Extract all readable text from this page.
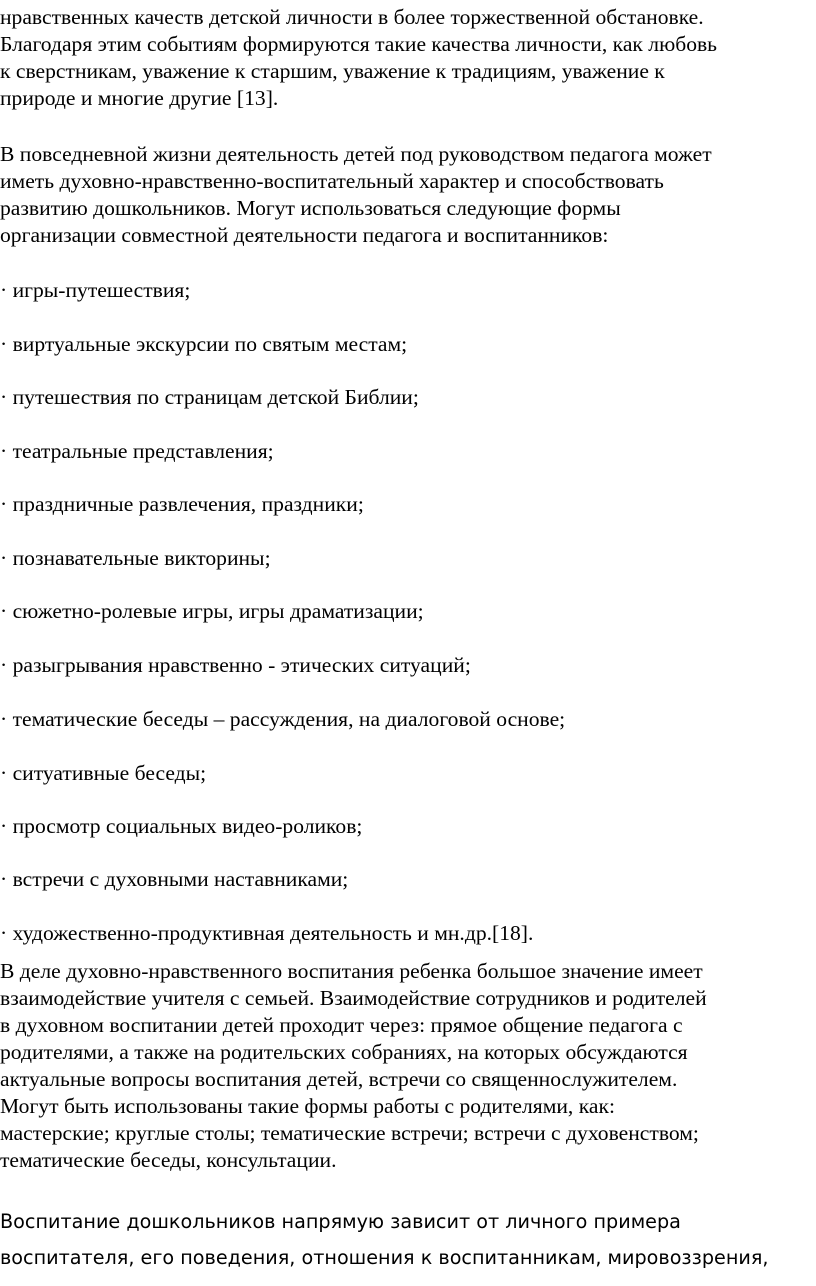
нравственных качеств детской личности в более торжественной обстановке.
Благодаря этим событиям формируются такие качества личности, как любовь
к сверстникам, уважение к старшим, уважение к традициям, уважение к
природе и многие другие [13].
В повседневной жизни деятельность детей под руководством педагога может
иметь духовно-нравственно-воспитательный характер и способствовать
развитию дошкольников. Могут использоваться следующие формы
организации совместной деятельности педагога и воспитанников:
· игры-путешествия;
· виртуальные экскурсии по святым местам;
· путешествия по страницам детской Библии;
· театральные представления;
· праздничные развлечения, праздники;
· познавательные викторины;
· сюжетно-ролевые игры, игры драматизации;
· разыгрывания нравственно - этических ситуаций;
· тематические беседы – рассуждения, на диалоговой основе;
· ситуативные беседы;
· просмотр социальных видео-роликов;
· встречи с духовными наставниками;
· художественно-продуктивная деятельность и мн.др.[18].
В деле духовно-нравственного воспитания ребенка большое значение имеет
взаимодействие учителя с семьей. Взаимодействие сотрудников и родителей
в духовном воспитании детей проходит через: прямое общение педагога с
родителями, а также на родительских собраниях, на которых обсуждаются
актуальные вопросы воспитания детей, встречи со священнослужителем.
Могут быть использованы такие формы работы с родителями, как:
мастерские; круглые столы; тематические встречи; встречи с духовенством;
тематические беседы, консультации.
Воспитание дошкольников напрямую зависит от личного примера
воспитателя, его поведения, отношения к воспитанникам, мировоззрения,
